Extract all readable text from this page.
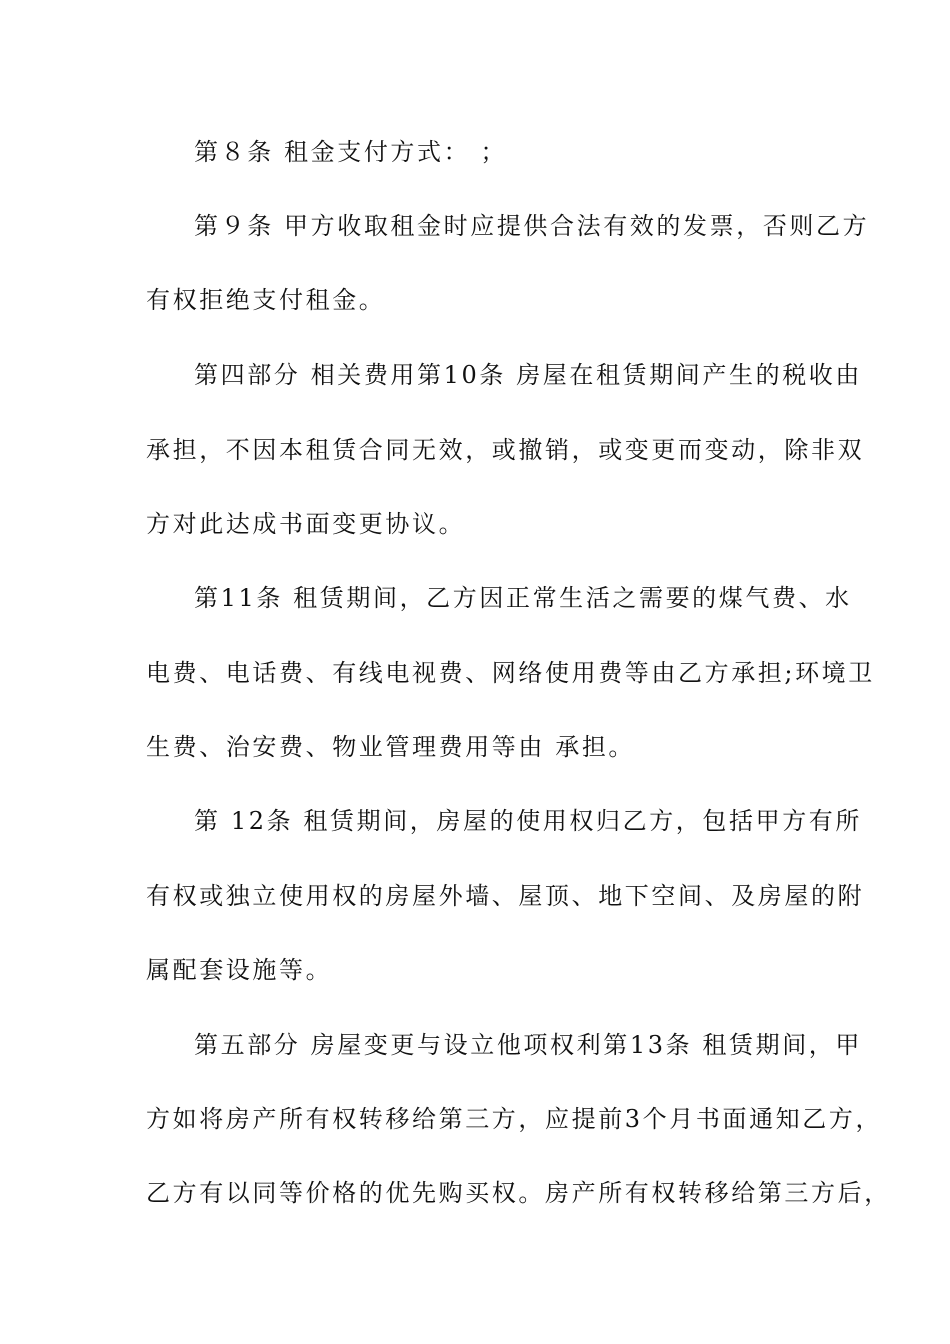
第８条 租金支付方式： ；
第９条 甲方收取租金时应提供合法有效的发票，否则乙方
有权拒绝支付租金。
第四部分 相关费用第10条 房屋在租赁期间产生的税收由
承担，不因本租赁合同无效，或撤销，或变更而变动，除非双
方对此达成书面变更协议。
第11条 租赁期间，乙方因正常生活之需要的煤气费、水
电费、电话费、有线电视费、网络使用费等由乙方承担;环境卫
生费、治安费、物业管理费用等由 承担。
第 12条 租赁期间，房屋的使用权归乙方，包括甲方有所
有权或独立使用权的房屋外墙、屋顶、地下空间、及房屋的附
属配套设施等。
第五部分 房屋变更与设立他项权利第13条 租赁期间，甲
方如将房产所有权转移给第三方，应提前3个月书面通知乙方，
乙方有以同等价格的优先购买权。房产所有权转移给第三方后，
